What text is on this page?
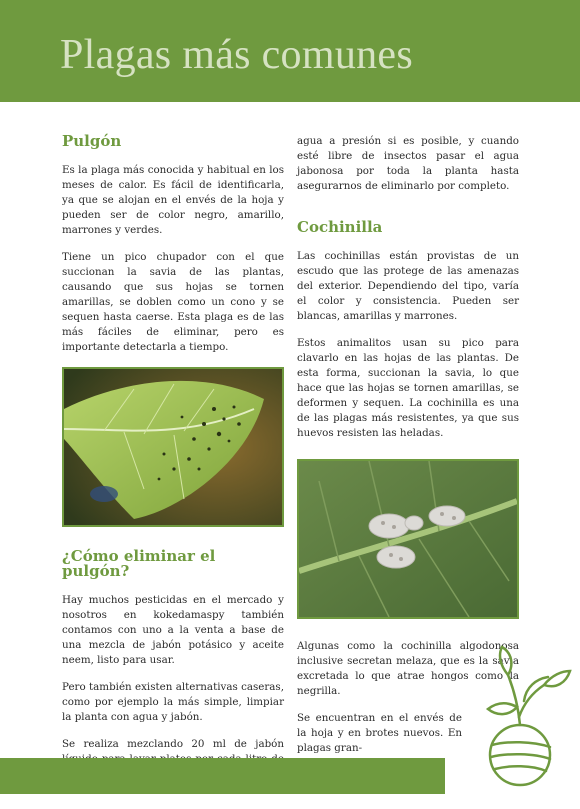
Plagas más comunes
Pulgón

Es la plaga más conocida y habitual en los meses de calor. Es fácil de identificarla, ya que se alojan en el envés de la hoja y pueden ser de color negro, amarillo, marrones y verdes.

Tiene un pico chupador con el que succionan la savia de las plantas, causando que sus hojas se tornen amarillas, se doblen como un cono y se sequen hasta caerse. Esta plaga es de las más fáciles de eliminar, pero es importante detectarla a tiempo.

¿Cómo eliminar el pulgón?

Hay muchos pesticidas en el mercado y nosotros en kokedamaspy también contamos con uno a la venta a base de una mezcla de jabón potásico y aceite neem, listo para usar.

Pero también existen alternativas caseras, como por ejemplo la más simple, limpiar la planta con agua y jabón.

Se realiza mezclando 20 ml de jabón

agua a presión si es posible, y cuando esté libre de insectos pasar el agua jabonosa por toda la planta hasta asegurarnos de eliminarlo por completo.

Cochinilla

Las cochinillas están provistas de un escudo que las protege de las amenazas del exterior. Dependiendo del tipo, varía el color y consistencia. Pueden ser blancas, amarillas y marrones.

Estos animalitos usan su pico para clavarlo en las hojas de las plantas. De esta forma, succionan la savia, lo que hace que las hojas se tornen amarillas, se deformen y sequen. La cochinilla es una de las plagas más resistentes, ya que sus huevos resisten las heladas.

Algunas como la cochinilla algodonosa inclusive secretan melaza, que es la savia excretada lo que atrae hongos como la negrilla.

Se encuentran en el envés de la hoja y en brotes nuevos. En plagas gran-
